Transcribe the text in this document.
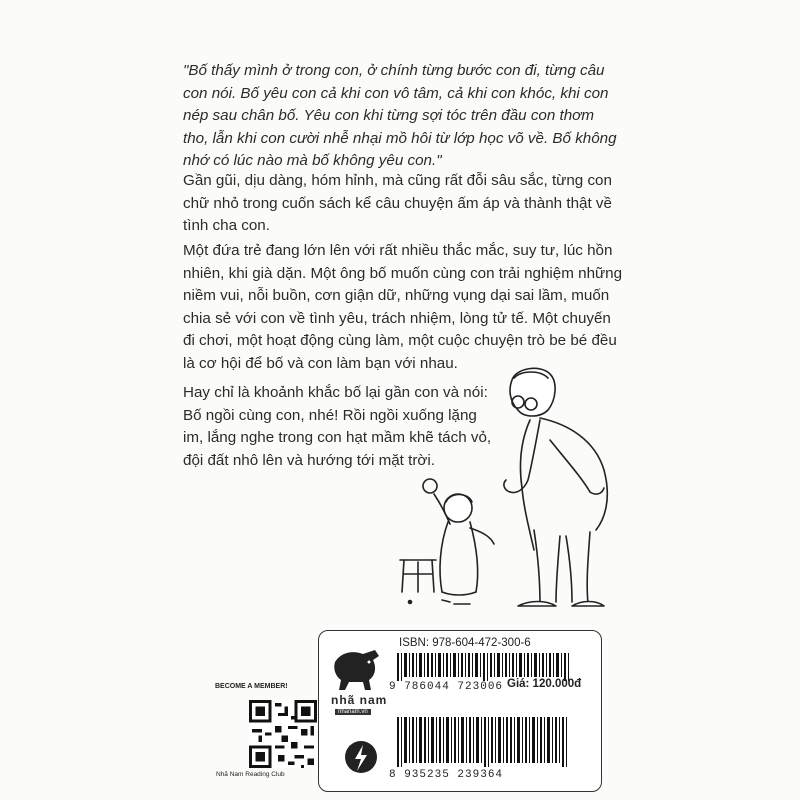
"Bố thấy mình ở trong con, ở chính từng bước con đi, từng câu
con nói. Bố yêu con cả khi con vô tâm, cả khi con khóc, khi con
nép sau chân bố. Yêu con khi từng sợi tóc trên đầu con thơm
tho, lẫn khi con cười nhễ nhại mồ hôi từ lớp học võ về. Bố không
nhớ có lúc nào mà bố không yêu con."
Gần gũi, dịu dàng, hóm hỉnh, mà cũng rất đỗi sâu sắc, từng con
chữ nhỏ trong cuốn sách kể câu chuyện ấm áp và thành thật về
tình cha con.
Một đứa trẻ đang lớn lên với rất nhiều thắc mắc, suy tư, lúc hồn
nhiên, khi già dặn. Một ông bố muốn cùng con trải nghiệm những
niềm vui, nỗi buồn, cơn giận dữ, những vụng dại sai lầm, muốn
chia sẻ với con về tình yêu, trách nhiệm, lòng tử tế. Một chuyến
đi chơi, một hoạt động cùng làm, một cuộc chuyện trò be bé đều
là cơ hội để bố và con làm bạn với nhau.
Hay chỉ là khoảnh khắc bố lại gần con và nói:
Bố ngồi cùng con, nhé! Rồi ngồi xuống lặng
im, lắng nghe trong con hạt mầm khẽ tách vỏ,
đội đất nhô lên và hướng tới mặt trời.
BECOME A MEMBER!
Nhã Nam Reading Club
nhã nam
nhanam.vn
ISBN: 978-604-472-300-6
9 786044 723006 Giá: 120.000đ
8 935235 239364
